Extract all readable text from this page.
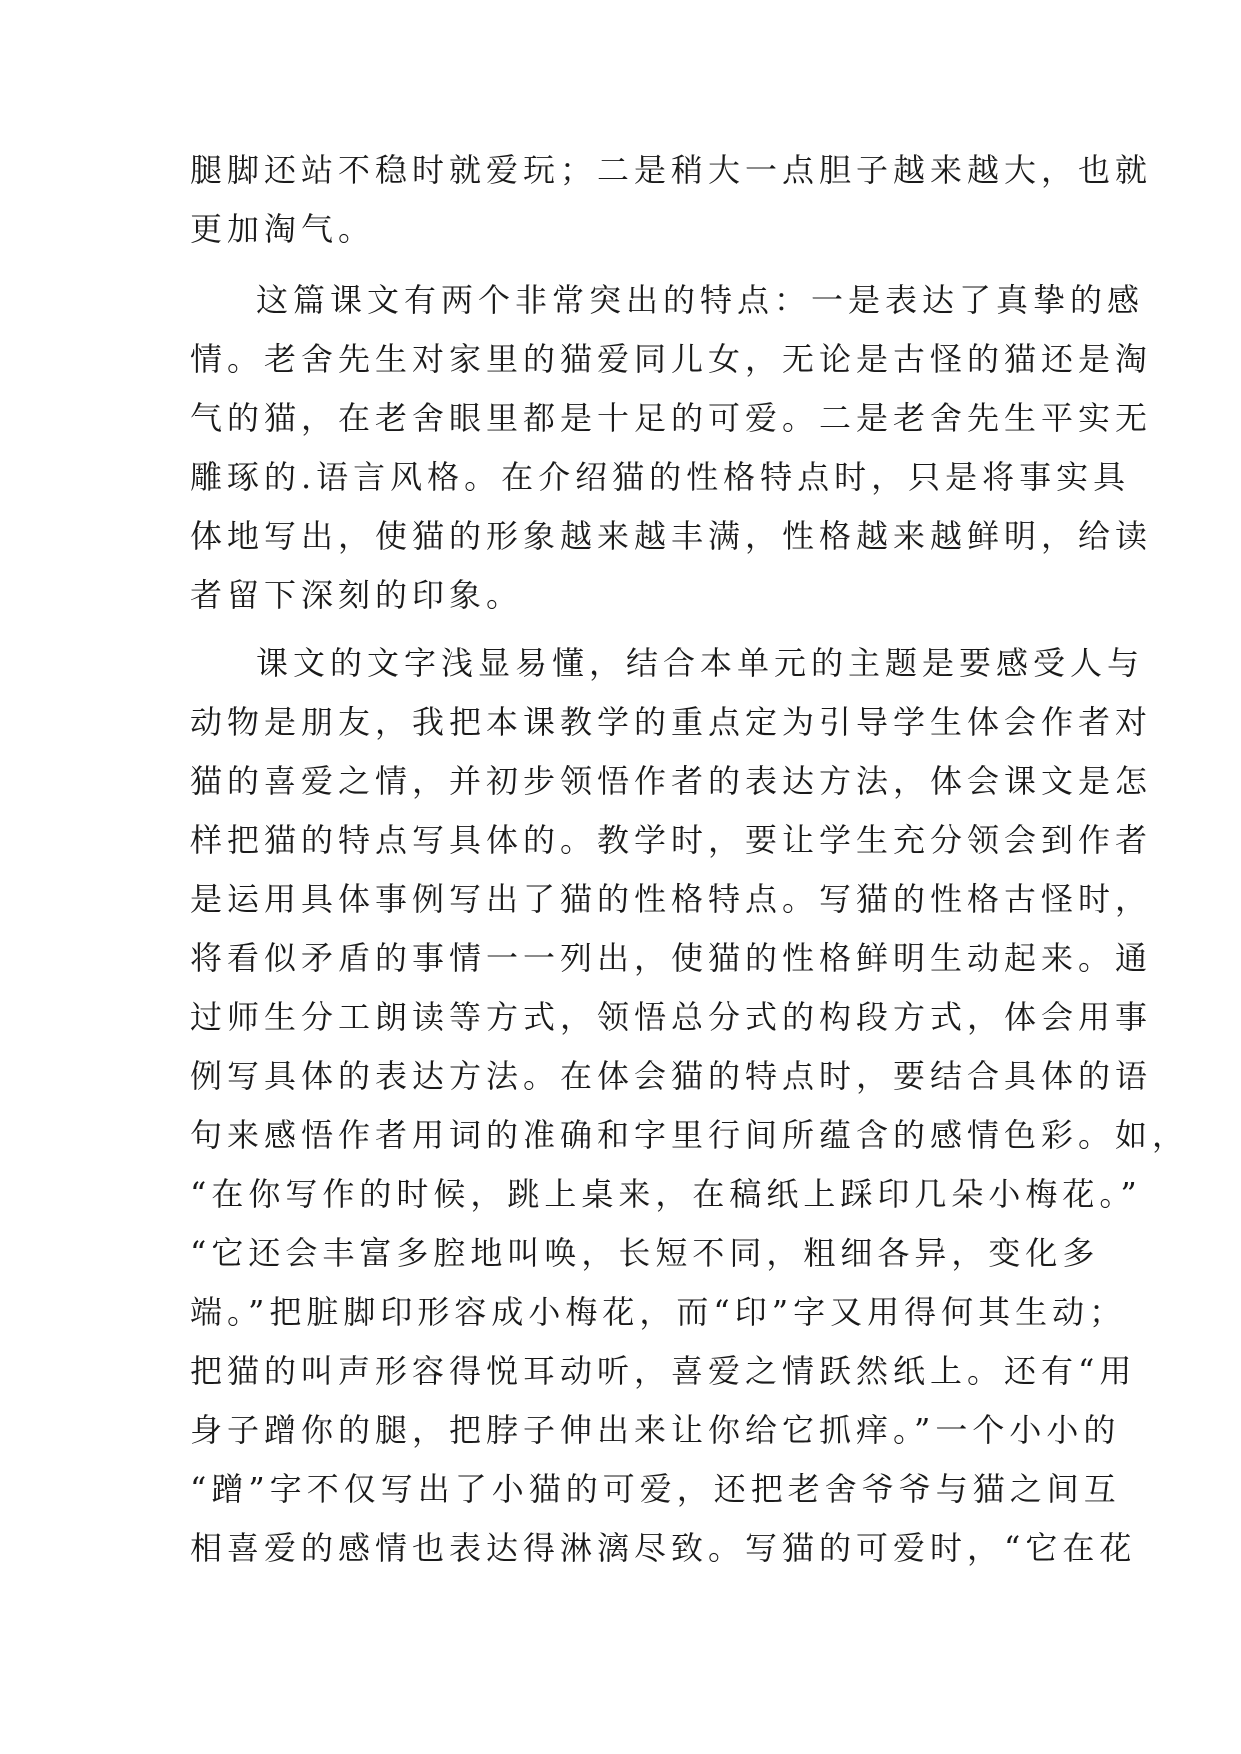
腿脚还站不稳时就爱玩；二是稍大一点胆子越来越大，也就
更加淘气。
这篇课文有两个非常突出的特点：一是表达了真挚的感
情。老舍先生对家里的猫爱同儿女，无论是古怪的猫还是淘
气的猫，在老舍眼里都是十足的可爱。二是老舍先生平实无
雕琢的.语言风格。在介绍猫的性格特点时，只是将事实具
体地写出，使猫的形象越来越丰满，性格越来越鲜明，给读
者留下深刻的印象。
课文的文字浅显易懂，结合本单元的主题是要感受人与
动物是朋友，我把本课教学的重点定为引导学生体会作者对
猫的喜爱之情，并初步领悟作者的表达方法，体会课文是怎
样把猫的特点写具体的。教学时，要让学生充分领会到作者
是运用具体事例写出了猫的性格特点。写猫的性格古怪时，
将看似矛盾的事情一一列出，使猫的性格鲜明生动起来。通
过师生分工朗读等方式，领悟总分式的构段方式，体会用事
例写具体的表达方法。在体会猫的特点时，要结合具体的语
句来感悟作者用词的准确和字里行间所蕴含的感情色彩。如，
“在你写作的时候，跳上桌来，在稿纸上踩印几朵小梅花。”
“它还会丰富多腔地叫唤，长短不同，粗细各异，变化多
端。”把脏脚印形容成小梅花，而“印”字又用得何其生动；
把猫的叫声形容得悦耳动听，喜爱之情跃然纸上。还有“用
身子蹭你的腿，把脖子伸出来让你给它抓痒。”一个小小的
“蹭”字不仅写出了小猫的可爱，还把老舍爷爷与猫之间互
相喜爱的感情也表达得淋漓尽致。写猫的可爱时，“它在花
